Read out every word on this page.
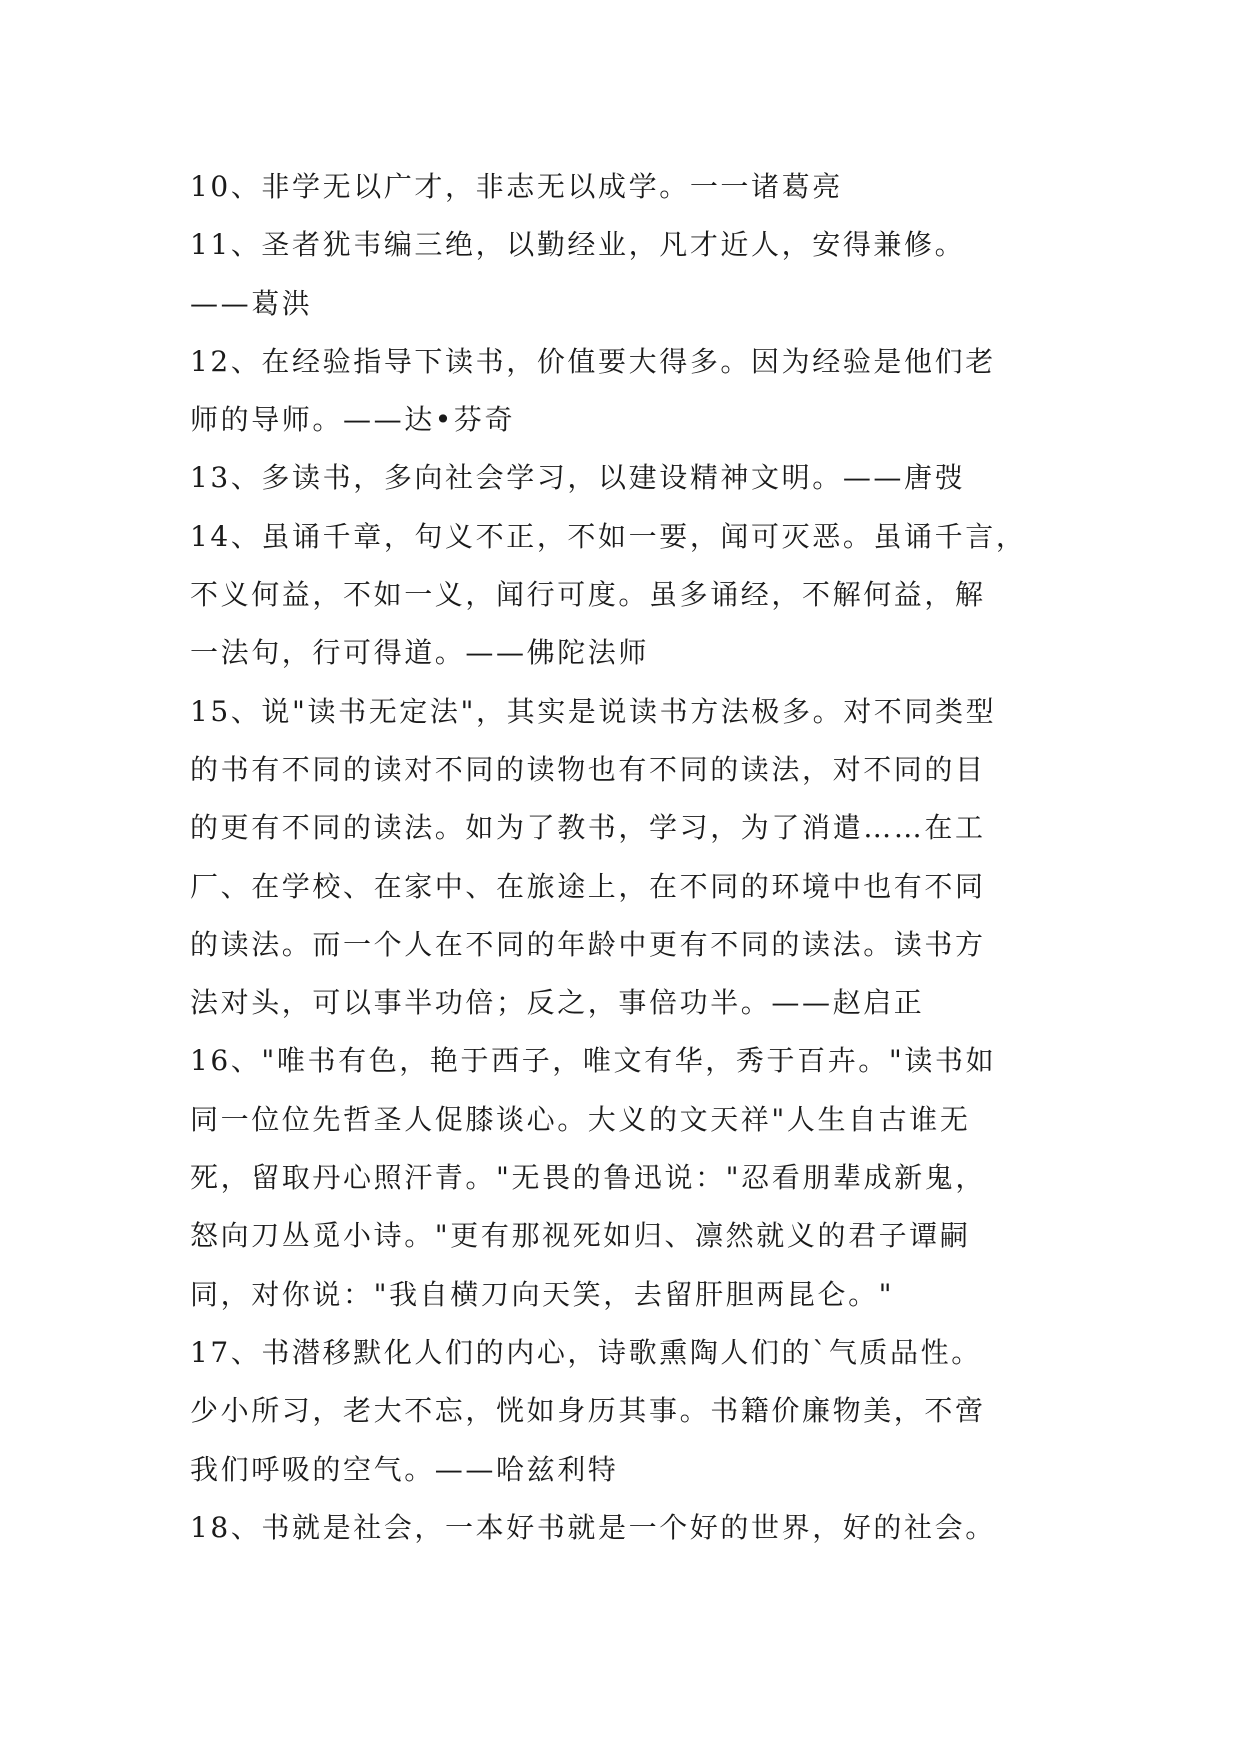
10、非学无以广才，非志无以成学。一一诸葛亮
11、圣者犹韦编三绝，以勤经业，凡才近人，安得兼修。
——葛洪
12、在经验指导下读书，价值要大得多。因为经验是他们老
师的导师。——达•芬奇
13、多读书，多向社会学习，以建设精神文明。——唐弢
14、虽诵千章，句义不正，不如一要，闻可灭恶。虽诵千言，
不义何益，不如一义，闻行可度。虽多诵经，不解何益，解
一法句，行可得道。——佛陀法师
15、说"读书无定法"，其实是说读书方法极多。对不同类型
的书有不同的读对不同的读物也有不同的读法，对不同的目
的更有不同的读法。如为了教书，学习，为了消遣……在工
厂、在学校、在家中、在旅途上，在不同的环境中也有不同
的读法。而一个人在不同的年龄中更有不同的读法。读书方
法对头，可以事半功倍；反之，事倍功半。——赵启正
16、"唯书有色，艳于西子，唯文有华，秀于百卉。"读书如
同一位位先哲圣人促膝谈心。大义的文天祥"人生自古谁无
死，留取丹心照汗青。"无畏的鲁迅说："忍看朋辈成新鬼，
怒向刀丛觅小诗。"更有那视死如归、凛然就义的君子谭嗣
同，对你说："我自横刀向天笑，去留肝胆两昆仑。"
17、书潜移默化人们的内心，诗歌熏陶人们的`气质品性。
少小所习，老大不忘，恍如身历其事。书籍价廉物美，不啻
我们呼吸的空气。——哈兹利特
18、书就是社会，一本好书就是一个好的世界，好的社会。
